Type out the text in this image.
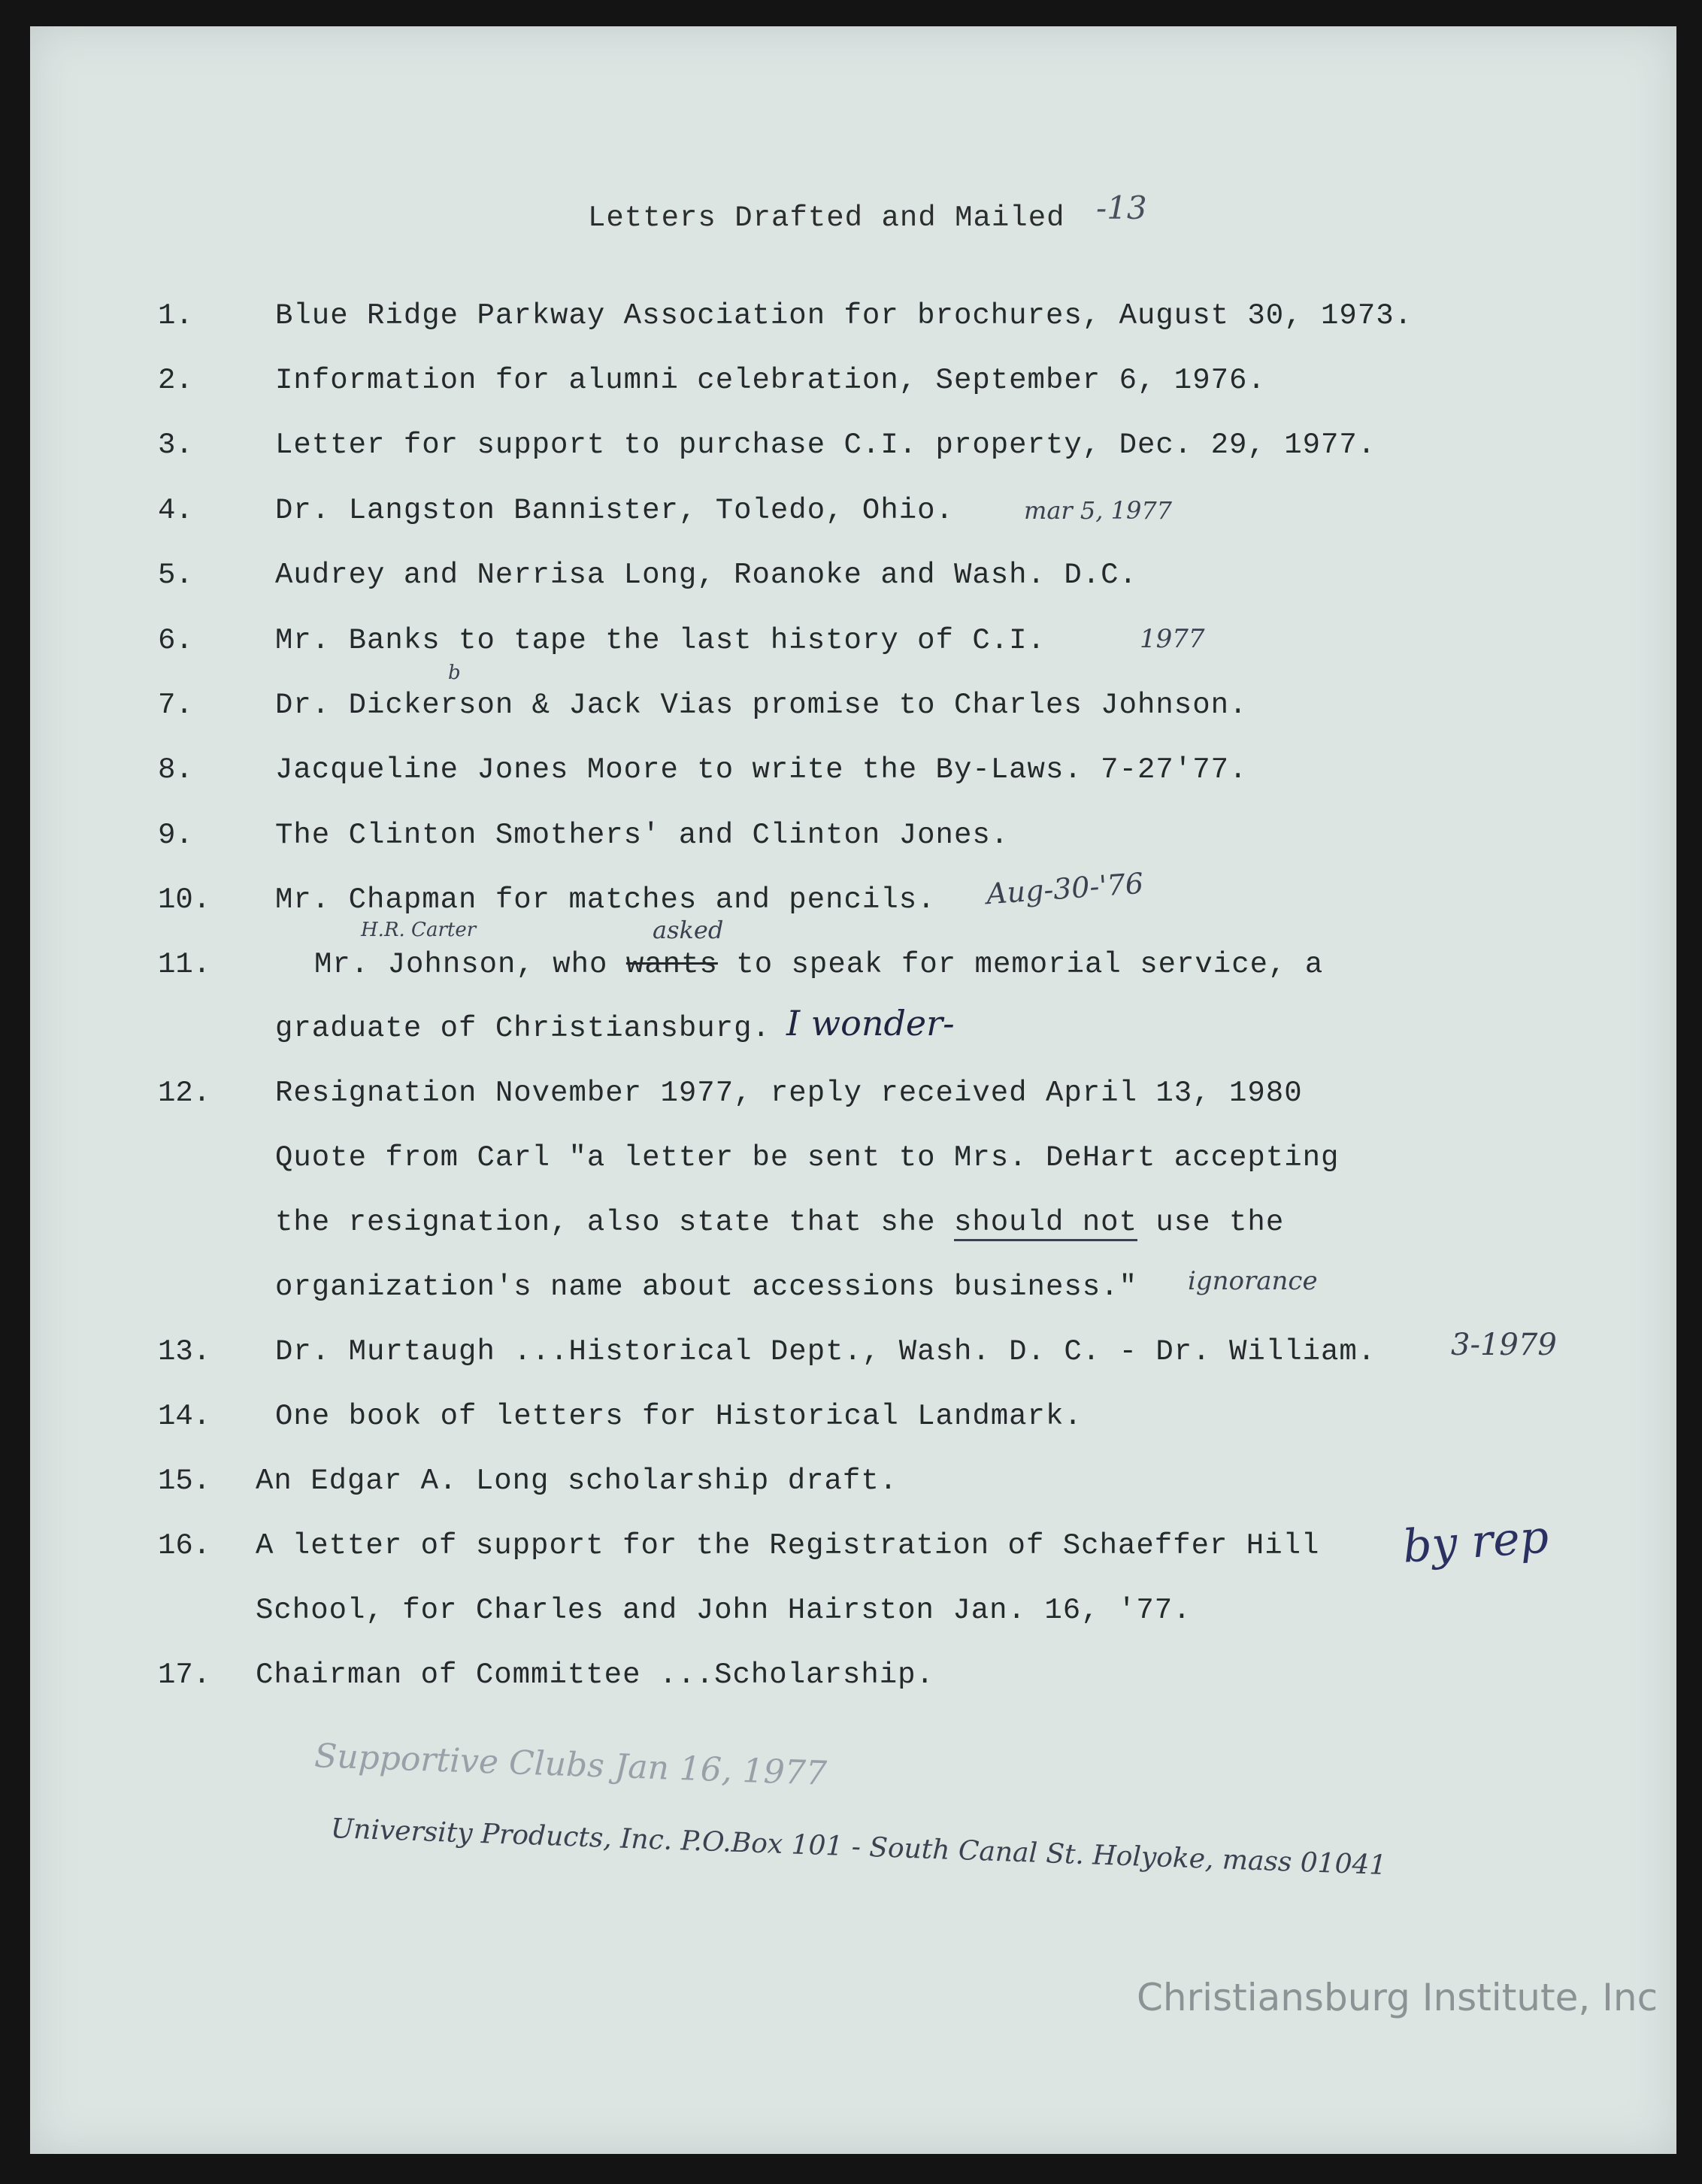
Letters Drafted and Mailed -13
1.	Blue Ridge Parkway Association for brochures, August 30, 1973.
2.	Information for alumni celebration, September 6, 1976.
3.	Letter for support to purchase C.I. property, Dec. 29, 1977.
4.	Dr. Langston Bannister, Toledo, Ohio.	mar 5, 1977
5.	Audrey and Nerrisa Long, Roanoke and Wash. D.C.
6.	Mr. Banks to tape the last history of C.I.	1977
7.	Dr. Dickerson & Jack Vias promise to Charles Johnson.
b
8.	Jacqueline Jones Moore to write the By-Laws. 7-27'77.
9.	The Clinton Smothers' and Clinton Jones.
10. Mr. Chapman for matches and pencils. Aug-30-'76
11.
H.R. Carter	asked
Mr. Johnson, who wants to speak for memorial service, a
graduate of Christiansburg. I wonder-
12. Resignation November 1977, reply received April 13, 1980
Quote from Carl "a letter be sent to Mrs. DeHart accepting
the resignation, also state that she should not use the
organization's name about accessions business." ignorance
13. Dr. Murtaugh ...Historical Dept., Wash. D. C. - Dr. William. 3-1979
14. One book of letters for Historical Landmark.
15. An Edgar A. Long scholarship draft.
16. A letter of support for the Registration of Schaeffer Hill
School, for Charles and John Hairston Jan. 16, '77.
by rep
17. Chairman of Committee ...Scholarship.
Supportive Clubs Jan 16, 1977
University Products, Inc. P.O.Box 101 - South Canal St. Holyoke, mass 01041
Christiansburg Institute, Inc
